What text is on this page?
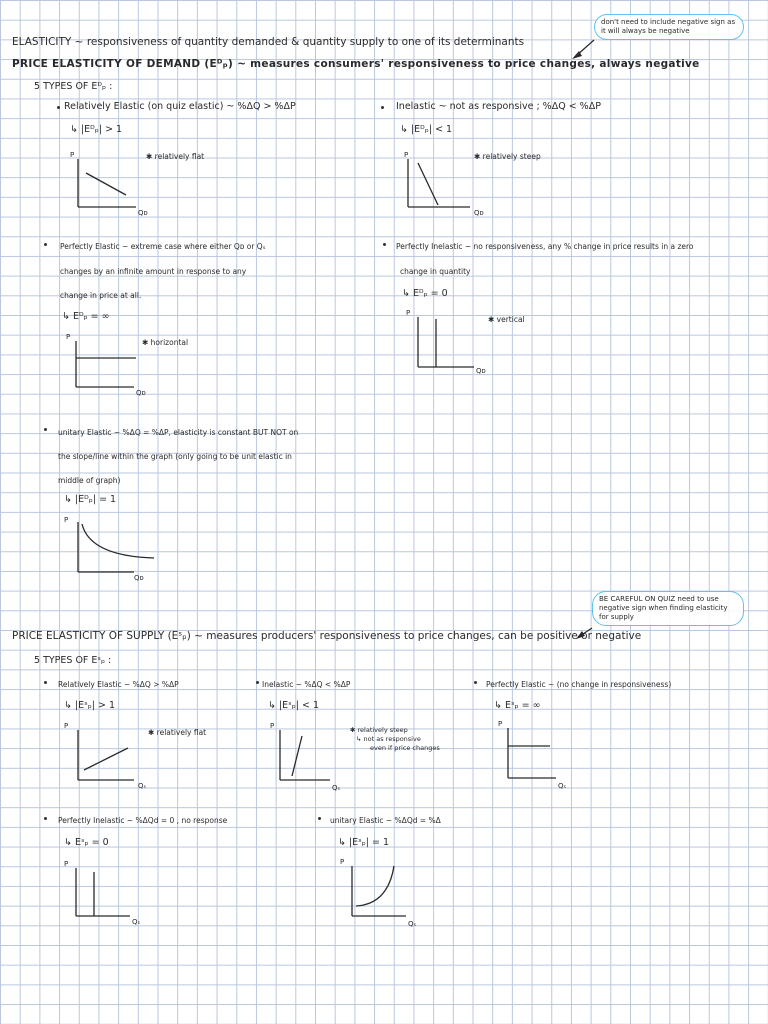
ELASTICITY ~ responsiveness of quantity demanded & quantity supply to one of its determinants
PRICE ELASTICITY OF DEMAND (Eᴰₚ) ~ measures consumers' responsiveness to price changes, always negative
don't need to include negative sign as it will always be negative
5 TYPES OF Eᴰₚ :
Relatively Elastic (on quiz elastic) ~ %ΔQ > %ΔP
↳ |Eᴰₚ| > 1
✱ relatively flat
P
Qᴅ
Inelastic ~ not as responsive ; %ΔQ < %ΔP
↳ |Eᴰₚ| < 1
✱ relatively steep
P
Qᴅ
Perfectly Elastic ~ extreme case where either Qᴅ or Qₛ
changes by an infinite amount in response to any
change in price at all.
↳ Eᴰₚ = ∞
✱ horizontal
P
Qᴅ
Perfectly Inelastic ~ no responsiveness, any % change in price results in a zero
change in quantity
↳ Eᴰₚ = 0
✱ vertical
P
Qᴅ
unitary Elastic ~ %ΔQ = %ΔP, elasticity is constant BUT NOT on
the slope/line within the graph (only going to be unit elastic in
middle of graph)
↳ |Eᴰₚ| = 1
P
Qᴅ
BE CAREFUL ON QUIZ need to use negative sign when finding elasticity for supply
PRICE ELASTICITY OF SUPPLY (Eˢₚ) ~ measures producers' responsiveness to price changes, can be positive or negative
5 TYPES OF Eˢₚ :
Relatively Elastic ~ %ΔQ > %ΔP
↳ |Eˢₚ| > 1
✱ relatively flat
P
Qₛ
Inelastic ~ %ΔQ < %ΔP
↳ |Eˢₚ| < 1
✱ relatively steep
↳ not as responsive
even if price changes
P
Qₛ
Perfectly Elastic ~ (no change in responsiveness)
↳ Eˢₚ = ∞
P
Qₛ
Perfectly Inelastic ~ %ΔQd = 0 , no response
↳ Eˢₚ = 0
P
Qₛ
unitary Elastic ~ %ΔQd = %Δ
↳ |Eˢₚ| = 1
P
Qₛ
